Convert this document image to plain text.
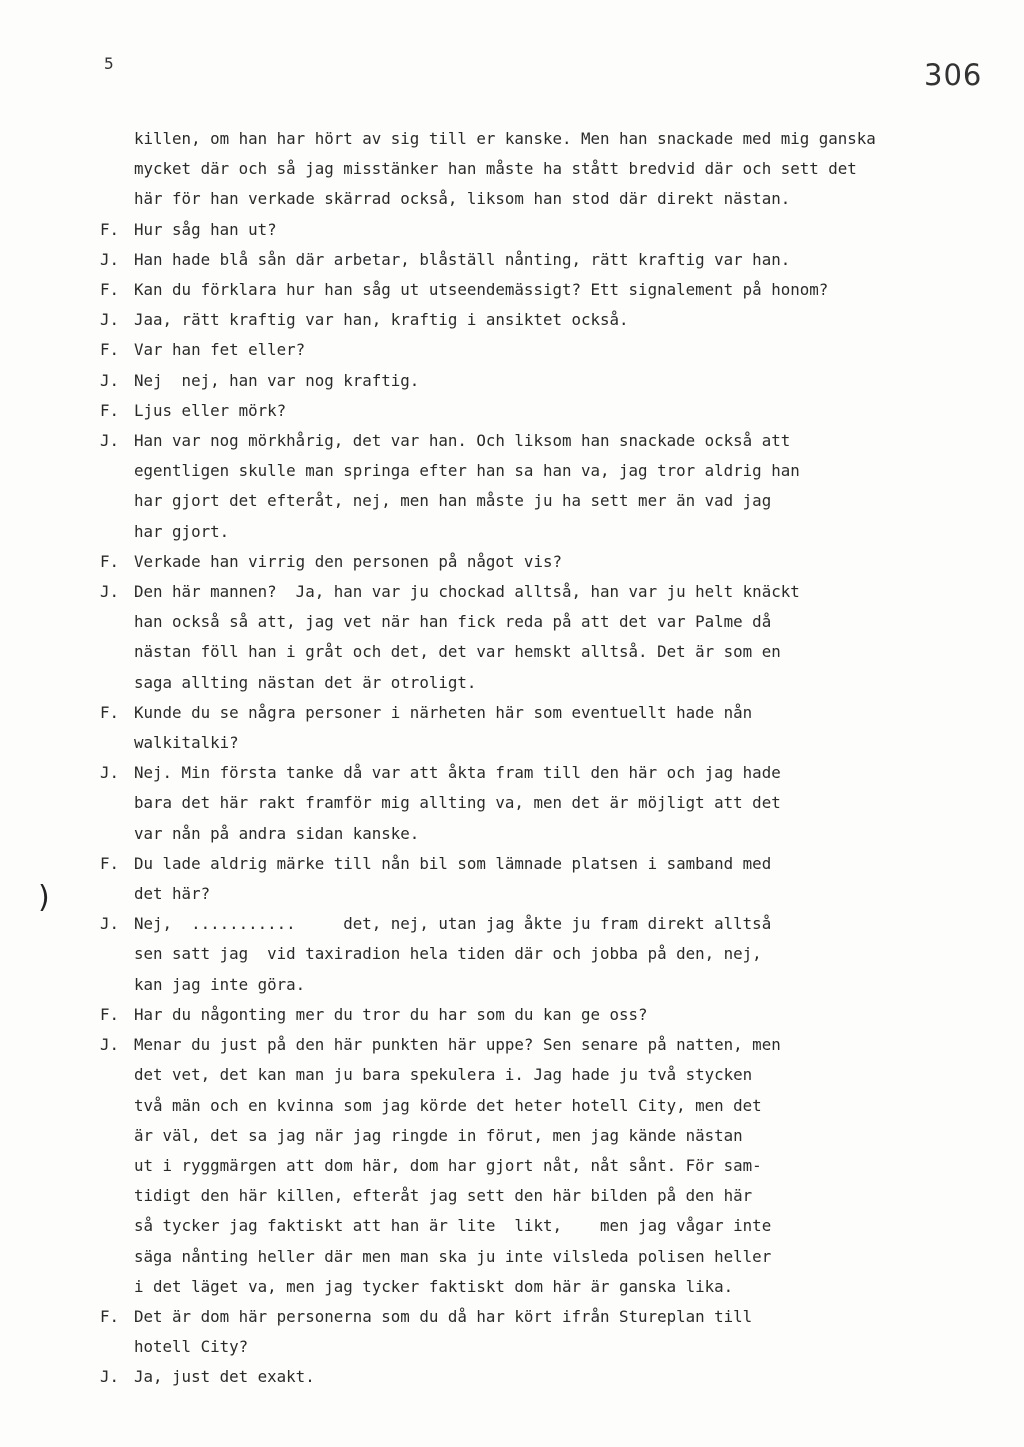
5	306
)
killen, om han har hört av sig till er kanske. Men han snackade med mig ganska
mycket där och så jag misstänker han måste ha stått bredvid där och sett det
här för han verkade skärrad också, liksom han stod där direkt nästan.
F. Hur såg han ut?
J. Han hade blå sån där arbetar, blåställ nånting, rätt kraftig var han.
F. Kan du förklara hur han såg ut utseendemässigt? Ett signalement på honom?
J. Jaa, rätt kraftig var han, kraftig i ansiktet också.
F. Var han fet eller?
J. Nej  nej, han var nog kraftig.
F. Ljus eller mörk?
J. Han var nog mörkhårig, det var han. Och liksom han snackade också att
egentligen skulle man springa efter han sa han va, jag tror aldrig han
har gjort det efteråt, nej, men han måste ju ha sett mer än vad jag
har gjort.
F. Verkade han virrig den personen på något vis?
J. Den här mannen?  Ja, han var ju chockad alltså, han var ju helt knäckt
han också så att, jag vet när han fick reda på att det var Palme då
nästan föll han i gråt och det, det var hemskt alltså. Det är som en
saga allting nästan det är otroligt.
F. Kunde du se några personer i närheten här som eventuellt hade nån
walkitalki?
J. Nej. Min första tanke då var att åkta fram till den här och jag hade
bara det här rakt framför mig allting va, men det är möjligt att det
var nån på andra sidan kanske.
F. Du lade aldrig märke till nån bil som lämnade platsen i samband med
det här?
J. Nej,  ...........     det, nej, utan jag åkte ju fram direkt alltså
sen satt jag  vid taxiradion hela tiden där och jobba på den, nej,
kan jag inte göra.
F. Har du någonting mer du tror du har som du kan ge oss?
J. Menar du just på den här punkten här uppe? Sen senare på natten, men
det vet, det kan man ju bara spekulera i. Jag hade ju två stycken
två män och en kvinna som jag körde det heter hotell City, men det
är väl, det sa jag när jag ringde in förut, men jag kände nästan
ut i ryggmärgen att dom här, dom har gjort nåt, nåt sånt. För sam-
tidigt den här killen, efteråt jag sett den här bilden på den här
så tycker jag faktiskt att han är lite  likt,    men jag vågar inte
säga nånting heller där men man ska ju inte vilsleda polisen heller
i det läget va, men jag tycker faktiskt dom här är ganska lika.
F. Det är dom här personerna som du då har kört ifrån Stureplan till
hotell City?
J. Ja, just det exakt.
